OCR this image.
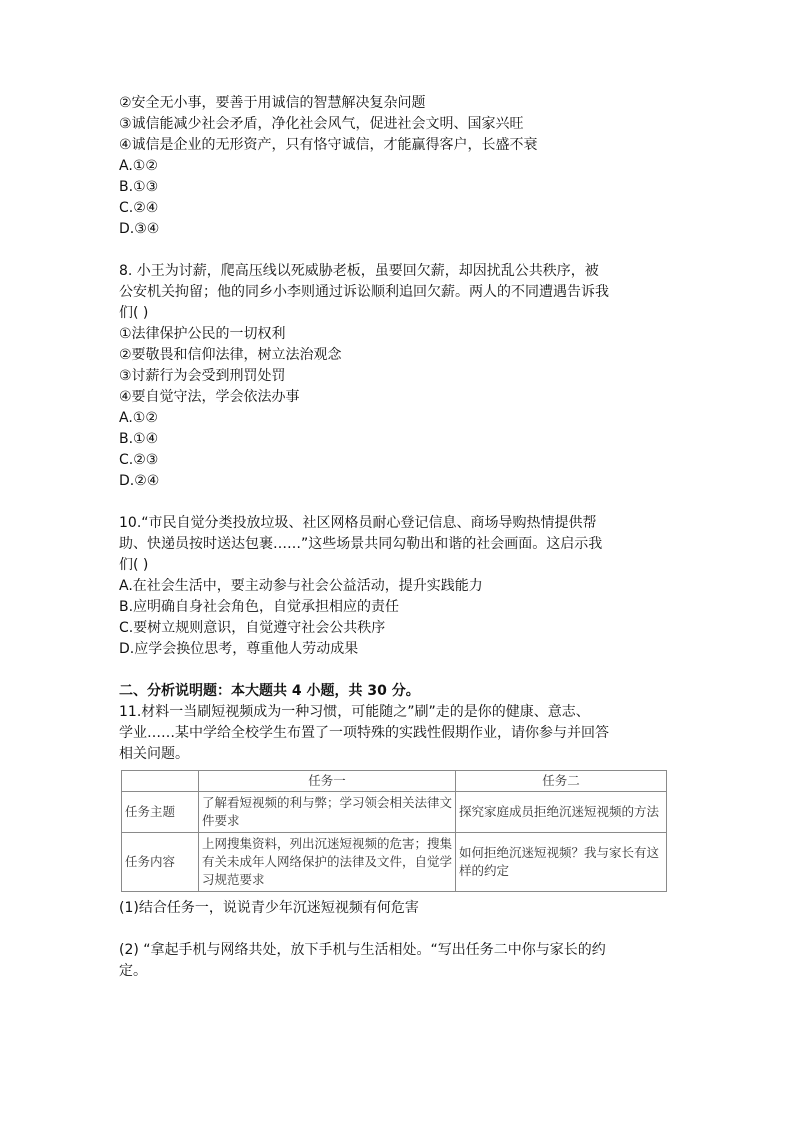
②安全无小事，要善于用诚信的智慧解决复杂问题
③诚信能减少社会矛盾，净化社会风气，促进社会文明、国家兴旺
④诚信是企业的无形资产，只有恪守诚信，才能赢得客户，长盛不衰
A.①②
B.①③
C.②④
D.③④
8. 小王为讨薪，爬高压线以死威胁老板，虽要回欠薪，却因扰乱公共秩序，被
公安机关拘留；他的同乡小李则通过诉讼顺利追回欠薪。两人的不同遭遇告诉我
们( )
①法律保护公民的一切权利
②要敬畏和信仰法律，树立法治观念
③讨薪行为会受到刑罚处罚
④要自觉守法，学会依法办事
A.①②
B.①④
C.②③
D.②④
10.“市民自觉分类投放垃圾、社区网格员耐心登记信息、商场导购热情提供帮
助、快递员按时送达包裹……”这些场景共同勾勒出和谐的社会画面。这启示我
们( )
A.在社会生活中，要主动参与社会公益活动，提升实践能力
B.应明确自身社会角色，自觉承担相应的责任
C.要树立规则意识，自觉遵守社会公共秩序
D.应学会换位思考，尊重他人劳动成果
二、分析说明题：本大题共 4 小题，共 30 分。
11.材料一当刷短视频成为一种习惯，可能随之”刷”走的是你的健康、意志、
学业……某中学给全校学生布置了一项特殊的实践性假期作业，请你参与并回答
相关问题。
	任务一	任务二
任务主题	了解看短视频的利与弊；学习领会相关法律文件要求	探究家庭成员拒绝沉迷短视频的方法
任务内容	上网搜集资料，列出沉迷短视频的危害；搜集有关未成年人网络保护的法律及文件，自觉学习规范要求	如何拒绝沉迷短视频？我与家长有这样的约定
(1)结合任务一，说说青少年沉迷短视频有何危害
(2) “拿起手机与网络共处，放下手机与生活相处。“写出任务二中你与家长的约
定。
